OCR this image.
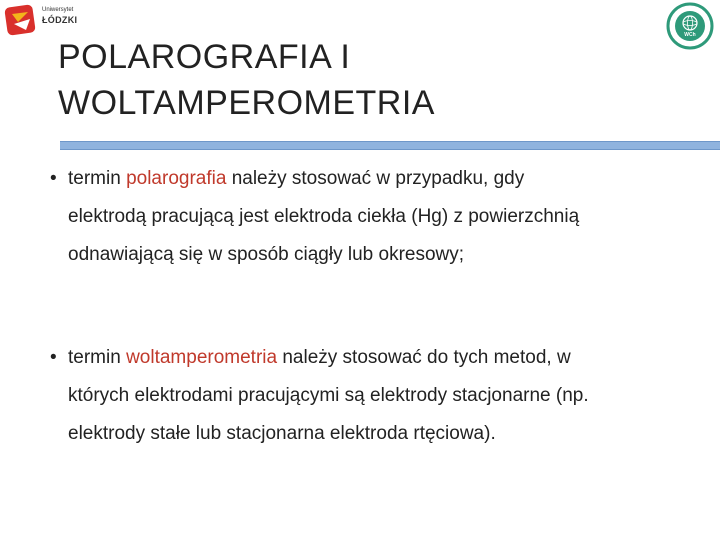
Uniwersytet
ŁÓDZKI
WCh
POLAROGRAFIA I
WOLTAMPEROMETRIA
• termin polarografia należy stosować w przypadku, gdy
elektrodą pracującą jest elektroda ciekła (Hg) z powierzchnią
odnawiającą się w sposób ciągły lub okresowy;
• termin woltamperometria należy stosować do tych metod, w
których elektrodami pracującymi są elektrody stacjonarne (np.
elektrody stałe lub stacjonarna elektroda rtęciowa).
